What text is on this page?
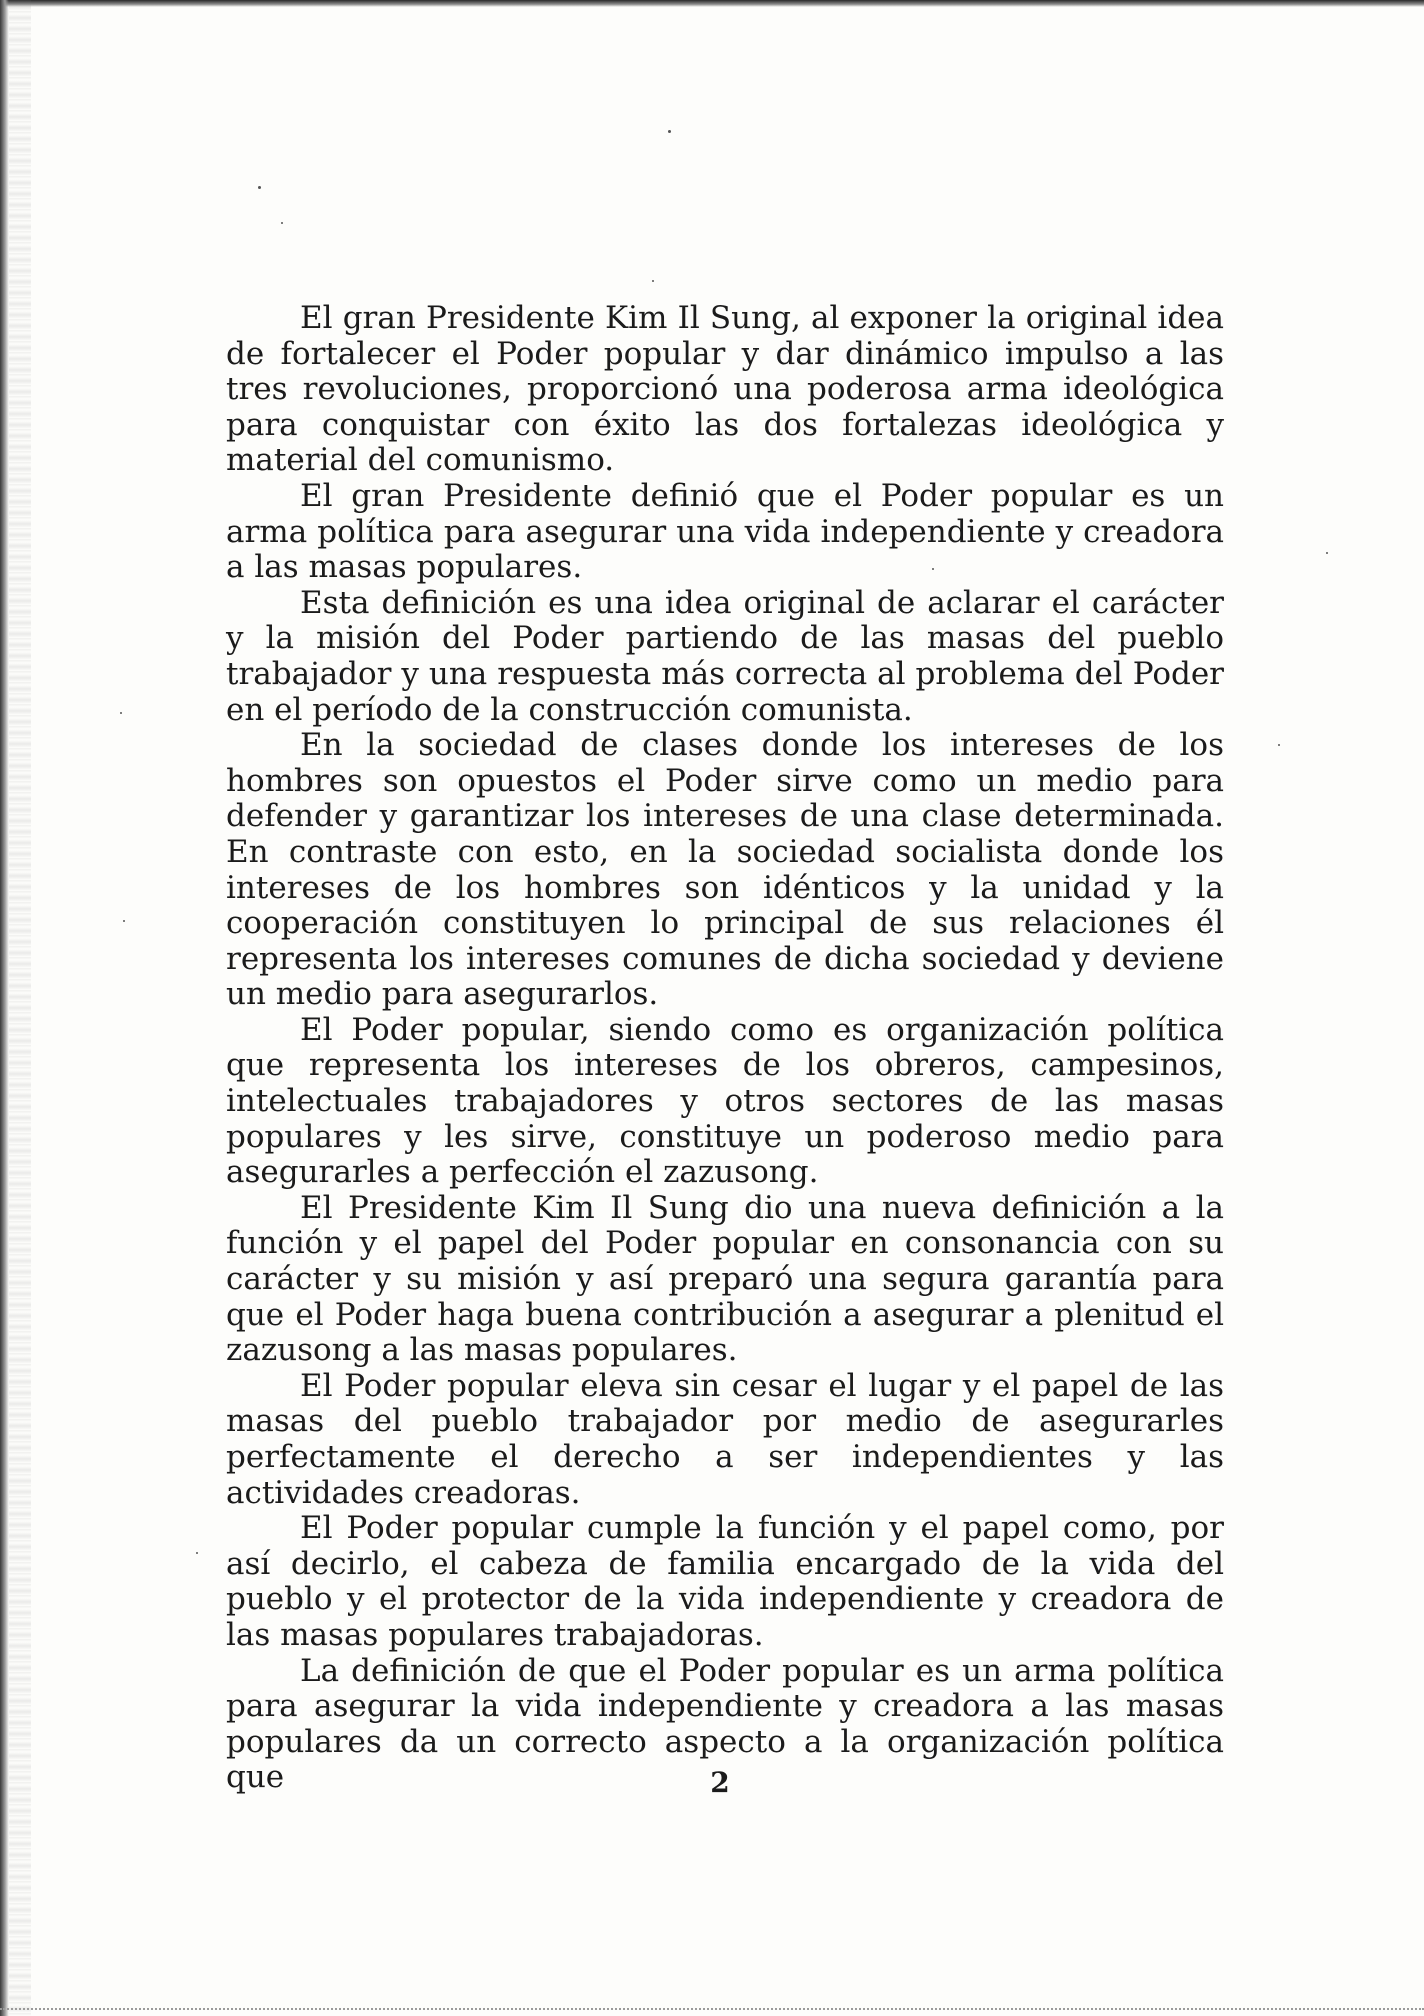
El gran Presidente Kim Il Sung, al exponer la original idea de fortalecer el Poder popular y dar dinámico impulso a las tres revoluciones, proporcionó una poderosa arma ideológica para conquistar con éxito las dos fortalezas ideológica y material del comunismo.

El gran Presidente definió que el Poder popular es un arma política para asegurar una vida independiente y creadora a las masas populares.

Esta definición es una idea original de aclarar el carácter y la misión del Poder partiendo de las masas del pueblo trabajador y una respuesta más correcta al problema del Poder en el período de la construcción comunista.

En la sociedad de clases donde los intereses de los hombres son opuestos el Poder sirve como un medio para defender y garantizar los intereses de una clase determinada. En contraste con esto, en la sociedad socialista donde los intereses de los hombres son idénticos y la unidad y la cooperación constituyen lo principal de sus relaciones él representa los intereses comunes de dicha sociedad y deviene un medio para asegurarlos.

El Poder popular, siendo como es organización política que representa los intereses de los obreros, campesinos, intelectuales trabajadores y otros sectores de las masas populares y les sirve, constituye un poderoso medio para asegurarles a perfección el zazusong.

El Presidente Kim Il Sung dio una nueva definición a la función y el papel del Poder popular en consonancia con su carácter y su misión y así preparó una segura garantía para que el Poder haga buena contribución a asegurar a plenitud el zazusong a las masas populares.

El Poder popular eleva sin cesar el lugar y el papel de las masas del pueblo trabajador por medio de asegurarles perfectamente el derecho a ser independientes y las actividades creadoras.

El Poder popular cumple la función y el papel como, por así decirlo, el cabeza de familia encargado de la vida del pueblo y el protector de la vida independiente y creadora de las masas populares trabajadoras.

La definición de que el Poder popular es un arma política para asegurar la vida independiente y creadora a las masas populares da un correcto aspecto a la organización política que	2
